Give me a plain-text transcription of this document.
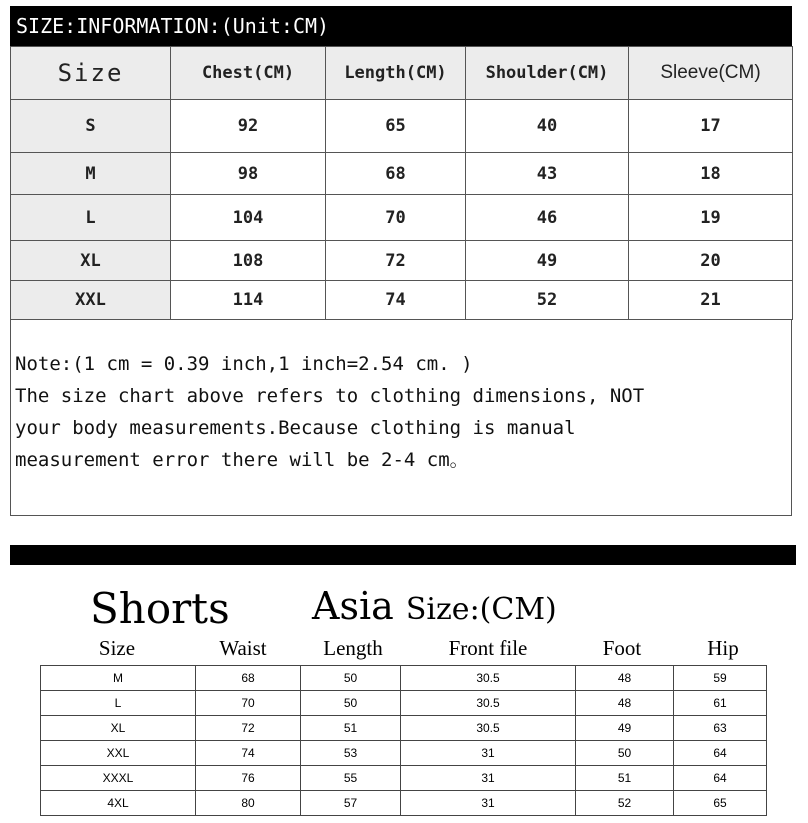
SIZE:INFORMATION:(Unit:CM)
Size	Chest(CM)	Length(CM)	Shoulder(CM)	Sleeve(CM)
S	92	65	40	17
M	98	68	43	18
L	104	70	46	19
XL	108	72	49	20
XXL	114	74	52	21
Note:(1 cm = 0.39 inch,1 inch=2.54 cm. )
The size chart above refers to clothing dimensions, NOT
your body measurements.Because clothing is manual
measurement error there will be 2-4 cm。
Shorts Asia Size:(CM)
Size	Waist	Length	Front file	Foot	Hip
M	68	50	30.5	48	59
L	70	50	30.5	48	61
XL	72	51	30.5	49	63
XXL	74	53	31	50	64
XXXL	76	55	31	51	64
4XL	80	57	31	52	65
